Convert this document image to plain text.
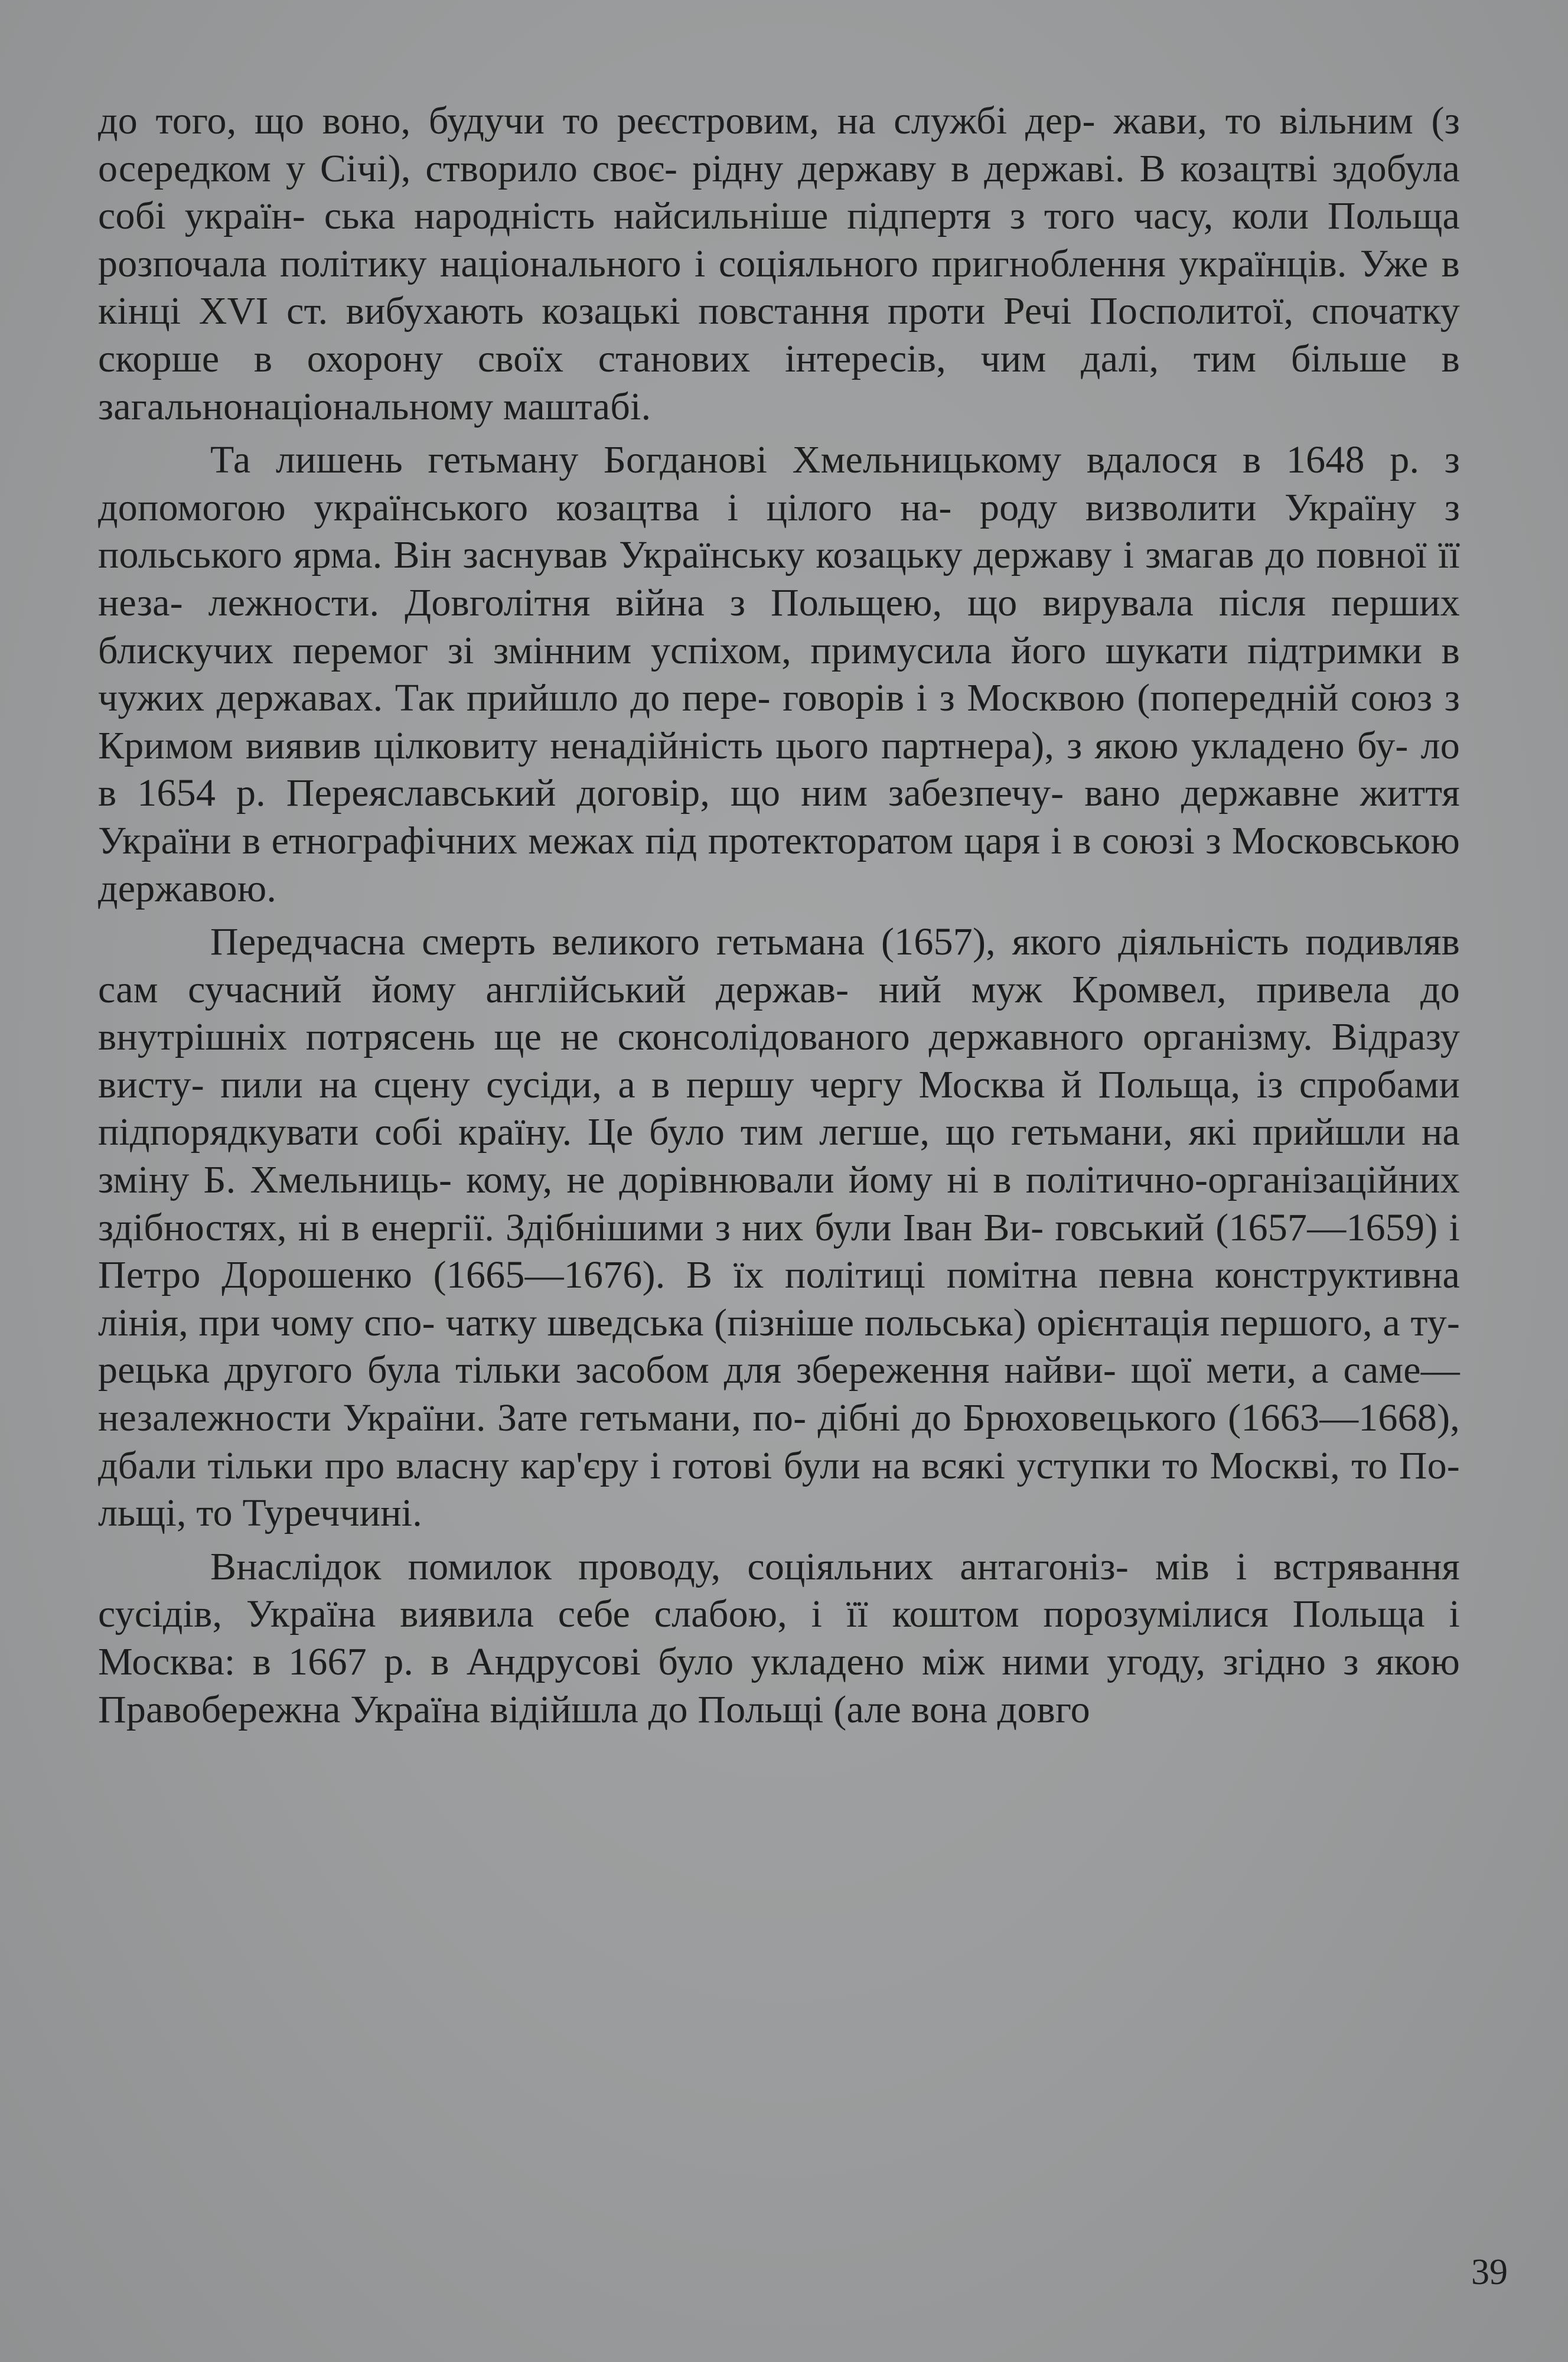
до того, що воно, будучи то реєстровим, на службі дер- жави, то вільним (з осередком у Січі), створило своє- рідну державу в державі. В козацтві здобула собі україн- ська народність найсильніше підпертя з того часу, коли Польща розпочала політику національного і соціяльного пригноблення українців. Уже в кінці XVI ст. вибухають козацькі повстання проти Речі Посполитої, спочатку скорше в охорону своїх станових інтересів, чим далі, тим більше в загальнонаціональному маштабі.

Та лишень гетьману Богданові Хмельницькому вдалося в 1648 р. з допомогою українського козацтва і цілого на- роду визволити Україну з польського ярма. Він заснував Українську козацьку державу і змагав до повної її неза- лежности. Довголітня війна з Польщею, що вирувала після перших блискучих перемог зі змінним успіхом, примусила його шукати підтримки в чужих державах. Так прийшло до пере- говорів і з Москвою (попередній союз з Кримом виявив цілковиту ненадійність цього партнера), з якою укладено бу- ло в 1654 р. Переяславський договір, що ним забезпечу- вано державне життя України в етнографічних межах під протекторатом царя і в союзі з Московською державою.

Передчасна смерть великого гетьмана (1657), якого діяльність подивляв сам сучасний йому англійський держав- ний муж Кромвел, привела до внутрішніх потрясень ще не сконсолідованого державного організму. Відразу висту- пили на сцену сусіди, а в першу чергу Москва й Польща, із спробами підпорядкувати собі країну. Це було тим легше, що гетьмани, які прийшли на зміну Б. Хмельниць- кому, не дорівнювали йому ні в політично-організаційних здібностях, ні в енергії. Здібнішими з них були Іван Ви- говський (1657—1659) і Петро Дорошенко (1665—1676). В їх політиці помітна певна конструктивна лінія, при чому спо- чатку шведська (пізніше польська) орієнтація першого, а ту- рецька другого була тільки засобом для збереження найви- щої мети, а саме—незалежности України. Зате гетьмани, по- дібні до Брюховецького (1663—1668), дбали тільки про власну кар'єру і готові були на всякі уступки то Москві, то По- льщі, то Туреччині.

Внаслідок помилок проводу, соціяльних антагоніз- мів і встрявання сусідів, Україна виявила себе слабою, і її коштом порозумілися Польща і Москва: в 1667 р. в Андрусові було укладено між ними угоду, згідно з якою Правобережна Україна відійшла до Польщі (але вона довго

39
